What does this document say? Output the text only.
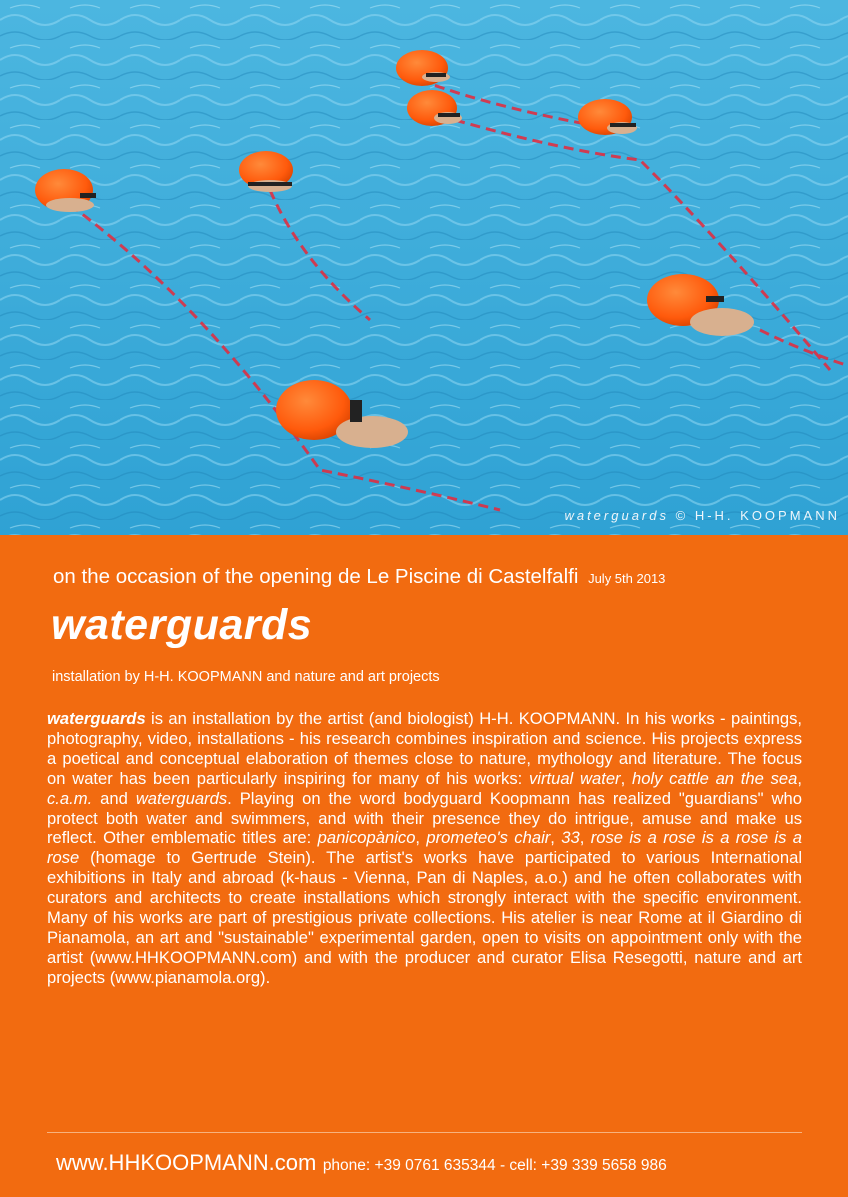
waterguards © H-H. KOOPMANN
on the occasion of the opening de Le Piscine di Castelfalfi July 5th 2013
waterguards
installation by H-H. KOOPMANN and nature and art projects
waterguards is an installation by the artist (and biologist) H-H. KOOPMANN. In his works - paintings, photography, video, installations - his research combines inspiration and science. His projects express a poetical and conceptual elaboration of themes close to nature, mythology and literature. The focus on water has been particularly inspiring for many of his works: virtual water, holy cattle an the sea, c.a.m. and waterguards. Playing on the word bodyguard Koopmann has realized "guardians" who protect both water and swimmers, and with their presence they do intrigue, amuse and make us reflect. Other emblematic titles are: panicopànico, prometeo's chair, 33, rose is a rose is a rose is a rose (homage to Gertrude Stein). The artist's works have participated to various International exhibitions in Italy and abroad (k-haus - Vienna, Pan di Naples, a.o.) and he often collaborates with curators and architects to create installations which strongly interact with the specific environment. Many of his works are part of prestigious private collections. His atelier is near Rome at il Giardino di Pianamola, an art and "sustainable" experimental garden, open to visits on appointment only with the artist (www.HHKOOPMANN.com) and with the producer and curator Elisa Resegotti, nature and art projects (www.pianamola.org).
www.HHKOOPMANN.com phone: +39 0761 635344 - cell: +39 339 5658 986
